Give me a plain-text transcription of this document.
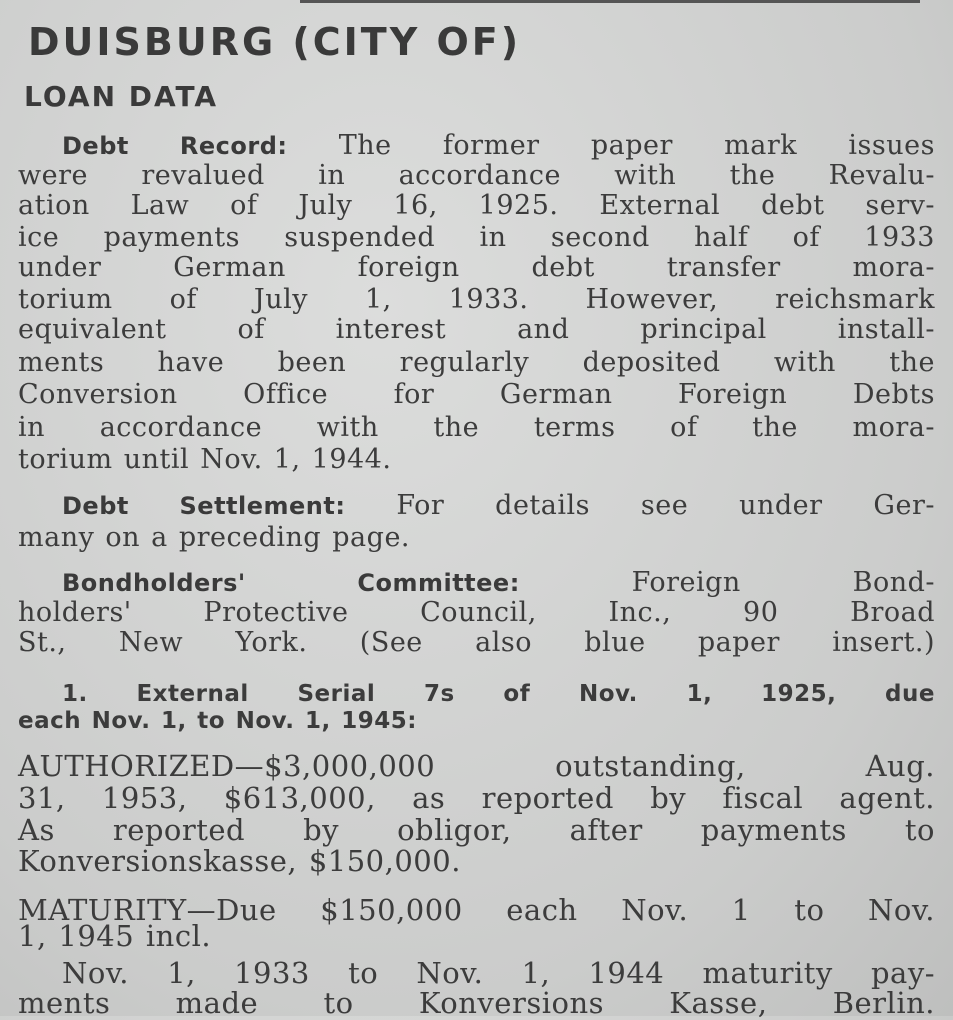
DUISBURG (CITY OF)
LOAN DATA
Debt Record: The former paper mark issues
were revalued in accordance with the Revalu-
ation Law of July 16, 1925. External debt serv-
ice payments suspended in second half of 1933
under German foreign debt transfer mora-
torium of July 1, 1933. However, reichsmark
equivalent of interest and principal install-
ments have been regularly deposited with the
Conversion Office for German Foreign Debts
in accordance with the terms of the mora-
torium until Nov. 1, 1944.
Debt Settlement: For details see under Ger-
many on a preceding page.
Bondholders' Committee: Foreign Bond-
holders' Protective Council, Inc., 90 Broad
St., New York. (See also blue paper insert.)
1. External Serial 7s of Nov. 1, 1925, due
each Nov. 1, to Nov. 1, 1945:
AUTHORIZED—$3,000,000 outstanding, Aug.
31, 1953, $613,000, as reported by fiscal agent.
As reported by obligor, after payments to
Konversionskasse, $150,000.
MATURITY—Due $150,000 each Nov. 1 to Nov.
1, 1945 incl.
Nov. 1, 1933 to Nov. 1, 1944 maturity pay-
ments made to Konversions Kasse, Berlin.
